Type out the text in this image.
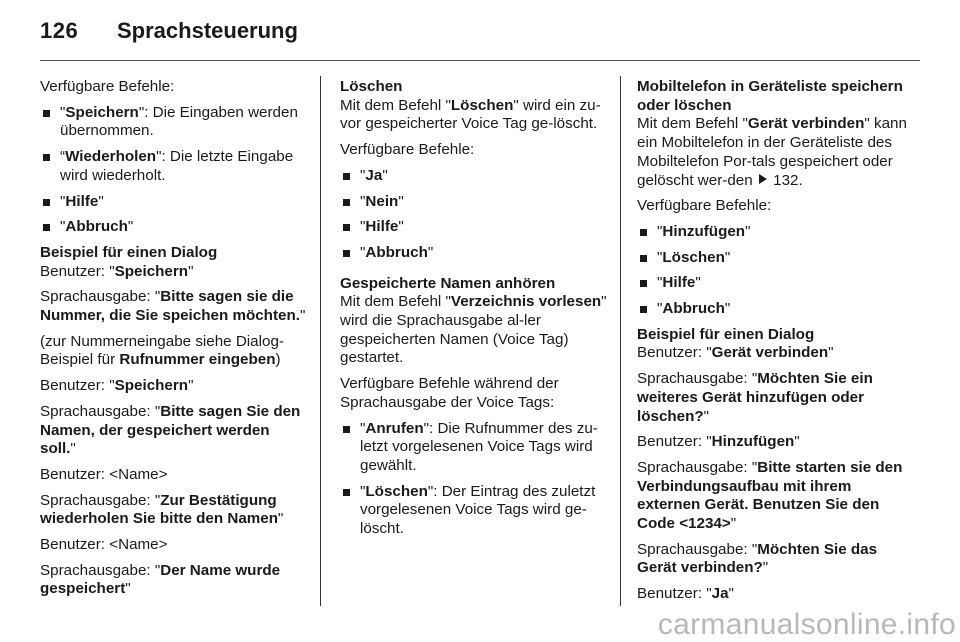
126 Sprachsteuerung

Verfügbare Befehle:

"Speichern": Die Eingaben werden übernommen.
“Wiederholen": Die letzte Eingabe wird wiederholt.
"Hilfe"
"Abbruch"

Beispiel für einen Dialog

Benutzer: "Speichern"

Sprachausgabe: "Bitte sagen sie die Nummer, die Sie speichen möchten."

(zur Nummerneingabe siehe Dialog-Beispiel für Rufnummer eingeben)

Benutzer: "Speichern"

Sprachausgabe: "Bitte sagen Sie den Namen, der gespeichert werden soll."

Benutzer: <Name>

Sprachausgabe: "Zur Bestätigung wiederholen Sie bitte den Namen"

Benutzer: <Name>

Sprachausgabe: "Der Name wurde gespeichert"

Löschen

Mit dem Befehl "Löschen" wird ein zu-vor gespeicherter Voice Tag ge-löscht.

Verfügbare Befehle:

"Ja"
"Nein"
"Hilfe"
"Abbruch"

Gespeicherte Namen anhören

Mit dem Befehl "Verzeichnis vorlesen" wird die Sprachausgabe al-ler gespeicherten Namen (Voice Tag) gestartet.

Verfügbare Befehle während der Sprachausgabe der Voice Tags:

"Anrufen": Die Rufnummer des zu-letzt vorgelesenen Voice Tags wird gewählt.
"Löschen": Der Eintrag des zuletzt vorgelesenen Voice Tags wird ge-löscht.

Mobiltelefon in Geräteliste speichern oder löschen

Mit dem Befehl "Gerät verbinden" kann ein Mobiltelefon in der Geräteliste des Mobiltelefon Por-tals gespeichert oder gelöscht wer-den  132.

Verfügbare Befehle:

"Hinzufügen"
"Löschen"
"Hilfe"
"Abbruch"

Beispiel für einen Dialog

Benutzer: "Gerät verbinden"

Sprachausgabe: "Möchten Sie ein weiteres Gerät hinzufügen oder löschen?"

Benutzer: "Hinzufügen"

Sprachausgabe: "Bitte starten sie den Verbindungsaufbau mit ihrem externen Gerät. Benutzen Sie den Code <1234>"

Sprachausgabe: "Möchten Sie das Gerät verbinden?"

Benutzer: "Ja"

carmanualsonline.info
